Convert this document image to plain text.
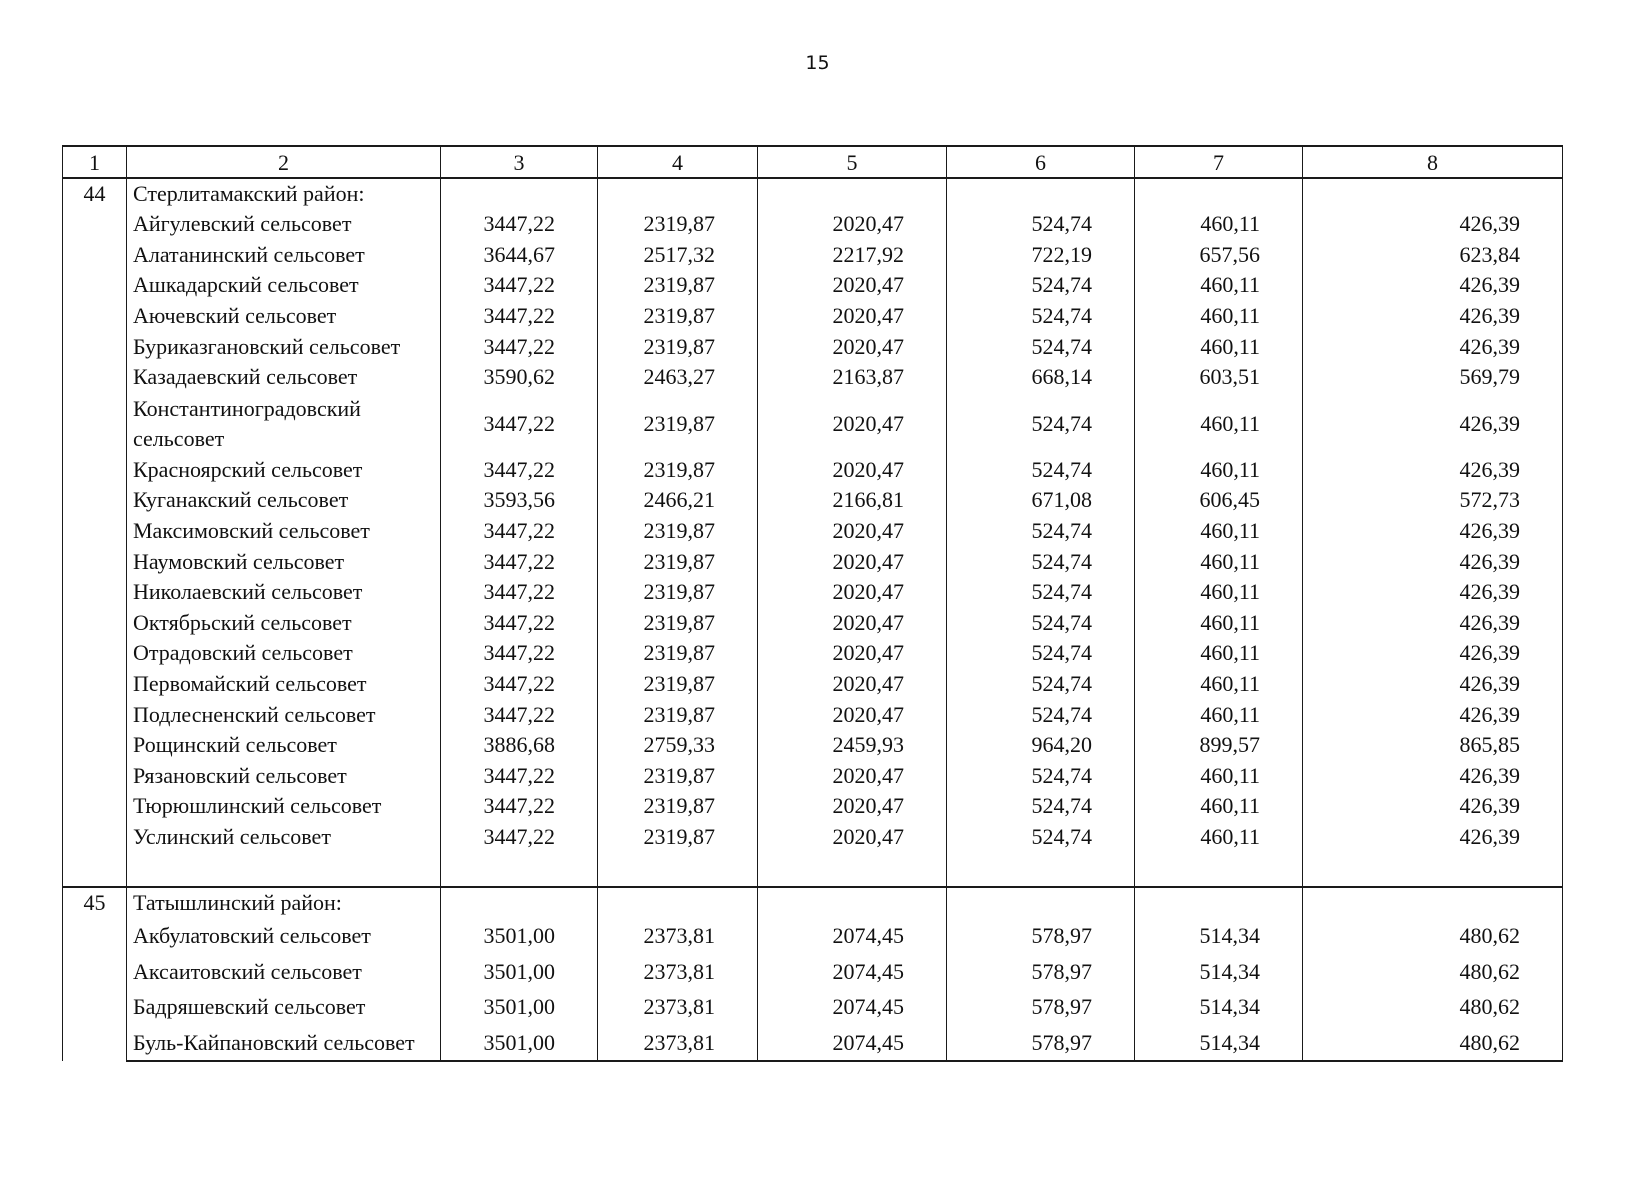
15
1	2	3	4	5	6	7	8
44	Стерлитамакский район:						
	Айгулевский сельсовет	3447,22	2319,87	2020,47	524,74	460,11	426,39
	Алатанинский сельсовет	3644,67	2517,32	2217,92	722,19	657,56	623,84
	Ашкадарский сельсовет	3447,22	2319,87	2020,47	524,74	460,11	426,39
	Аючевский сельсовет	3447,22	2319,87	2020,47	524,74	460,11	426,39
	Буриказгановский сельсовет	3447,22	2319,87	2020,47	524,74	460,11	426,39
	Казадаевский сельсовет	3590,62	2463,27	2163,87	668,14	603,51	569,79
	Константиноградовский сельсовет	3447,22	2319,87	2020,47	524,74	460,11	426,39
	Красноярский сельсовет	3447,22	2319,87	2020,47	524,74	460,11	426,39
	Куганакский сельсовет	3593,56	2466,21	2166,81	671,08	606,45	572,73
	Максимовский сельсовет	3447,22	2319,87	2020,47	524,74	460,11	426,39
	Наумовский сельсовет	3447,22	2319,87	2020,47	524,74	460,11	426,39
	Николаевский сельсовет	3447,22	2319,87	2020,47	524,74	460,11	426,39
	Октябрьский сельсовет	3447,22	2319,87	2020,47	524,74	460,11	426,39
	Отрадовский сельсовет	3447,22	2319,87	2020,47	524,74	460,11	426,39
	Первомайский сельсовет	3447,22	2319,87	2020,47	524,74	460,11	426,39
	Подлесненский сельсовет	3447,22	2319,87	2020,47	524,74	460,11	426,39
	Рощинский сельсовет	3886,68	2759,33	2459,93	964,20	899,57	865,85
	Рязановский сельсовет	3447,22	2319,87	2020,47	524,74	460,11	426,39
	Тюрюшлинский сельсовет	3447,22	2319,87	2020,47	524,74	460,11	426,39
	Услинский сельсовет	3447,22	2319,87	2020,47	524,74	460,11	426,39

45	Татышлинский район:						
	Акбулатовский сельсовет	3501,00	2373,81	2074,45	578,97	514,34	480,62
	Аксаитовский сельсовет	3501,00	2373,81	2074,45	578,97	514,34	480,62
	Бадряшевский сельсовет	3501,00	2373,81	2074,45	578,97	514,34	480,62
	Буль-Кайпановский сельсовет	3501,00	2373,81	2074,45	578,97	514,34	480,62
